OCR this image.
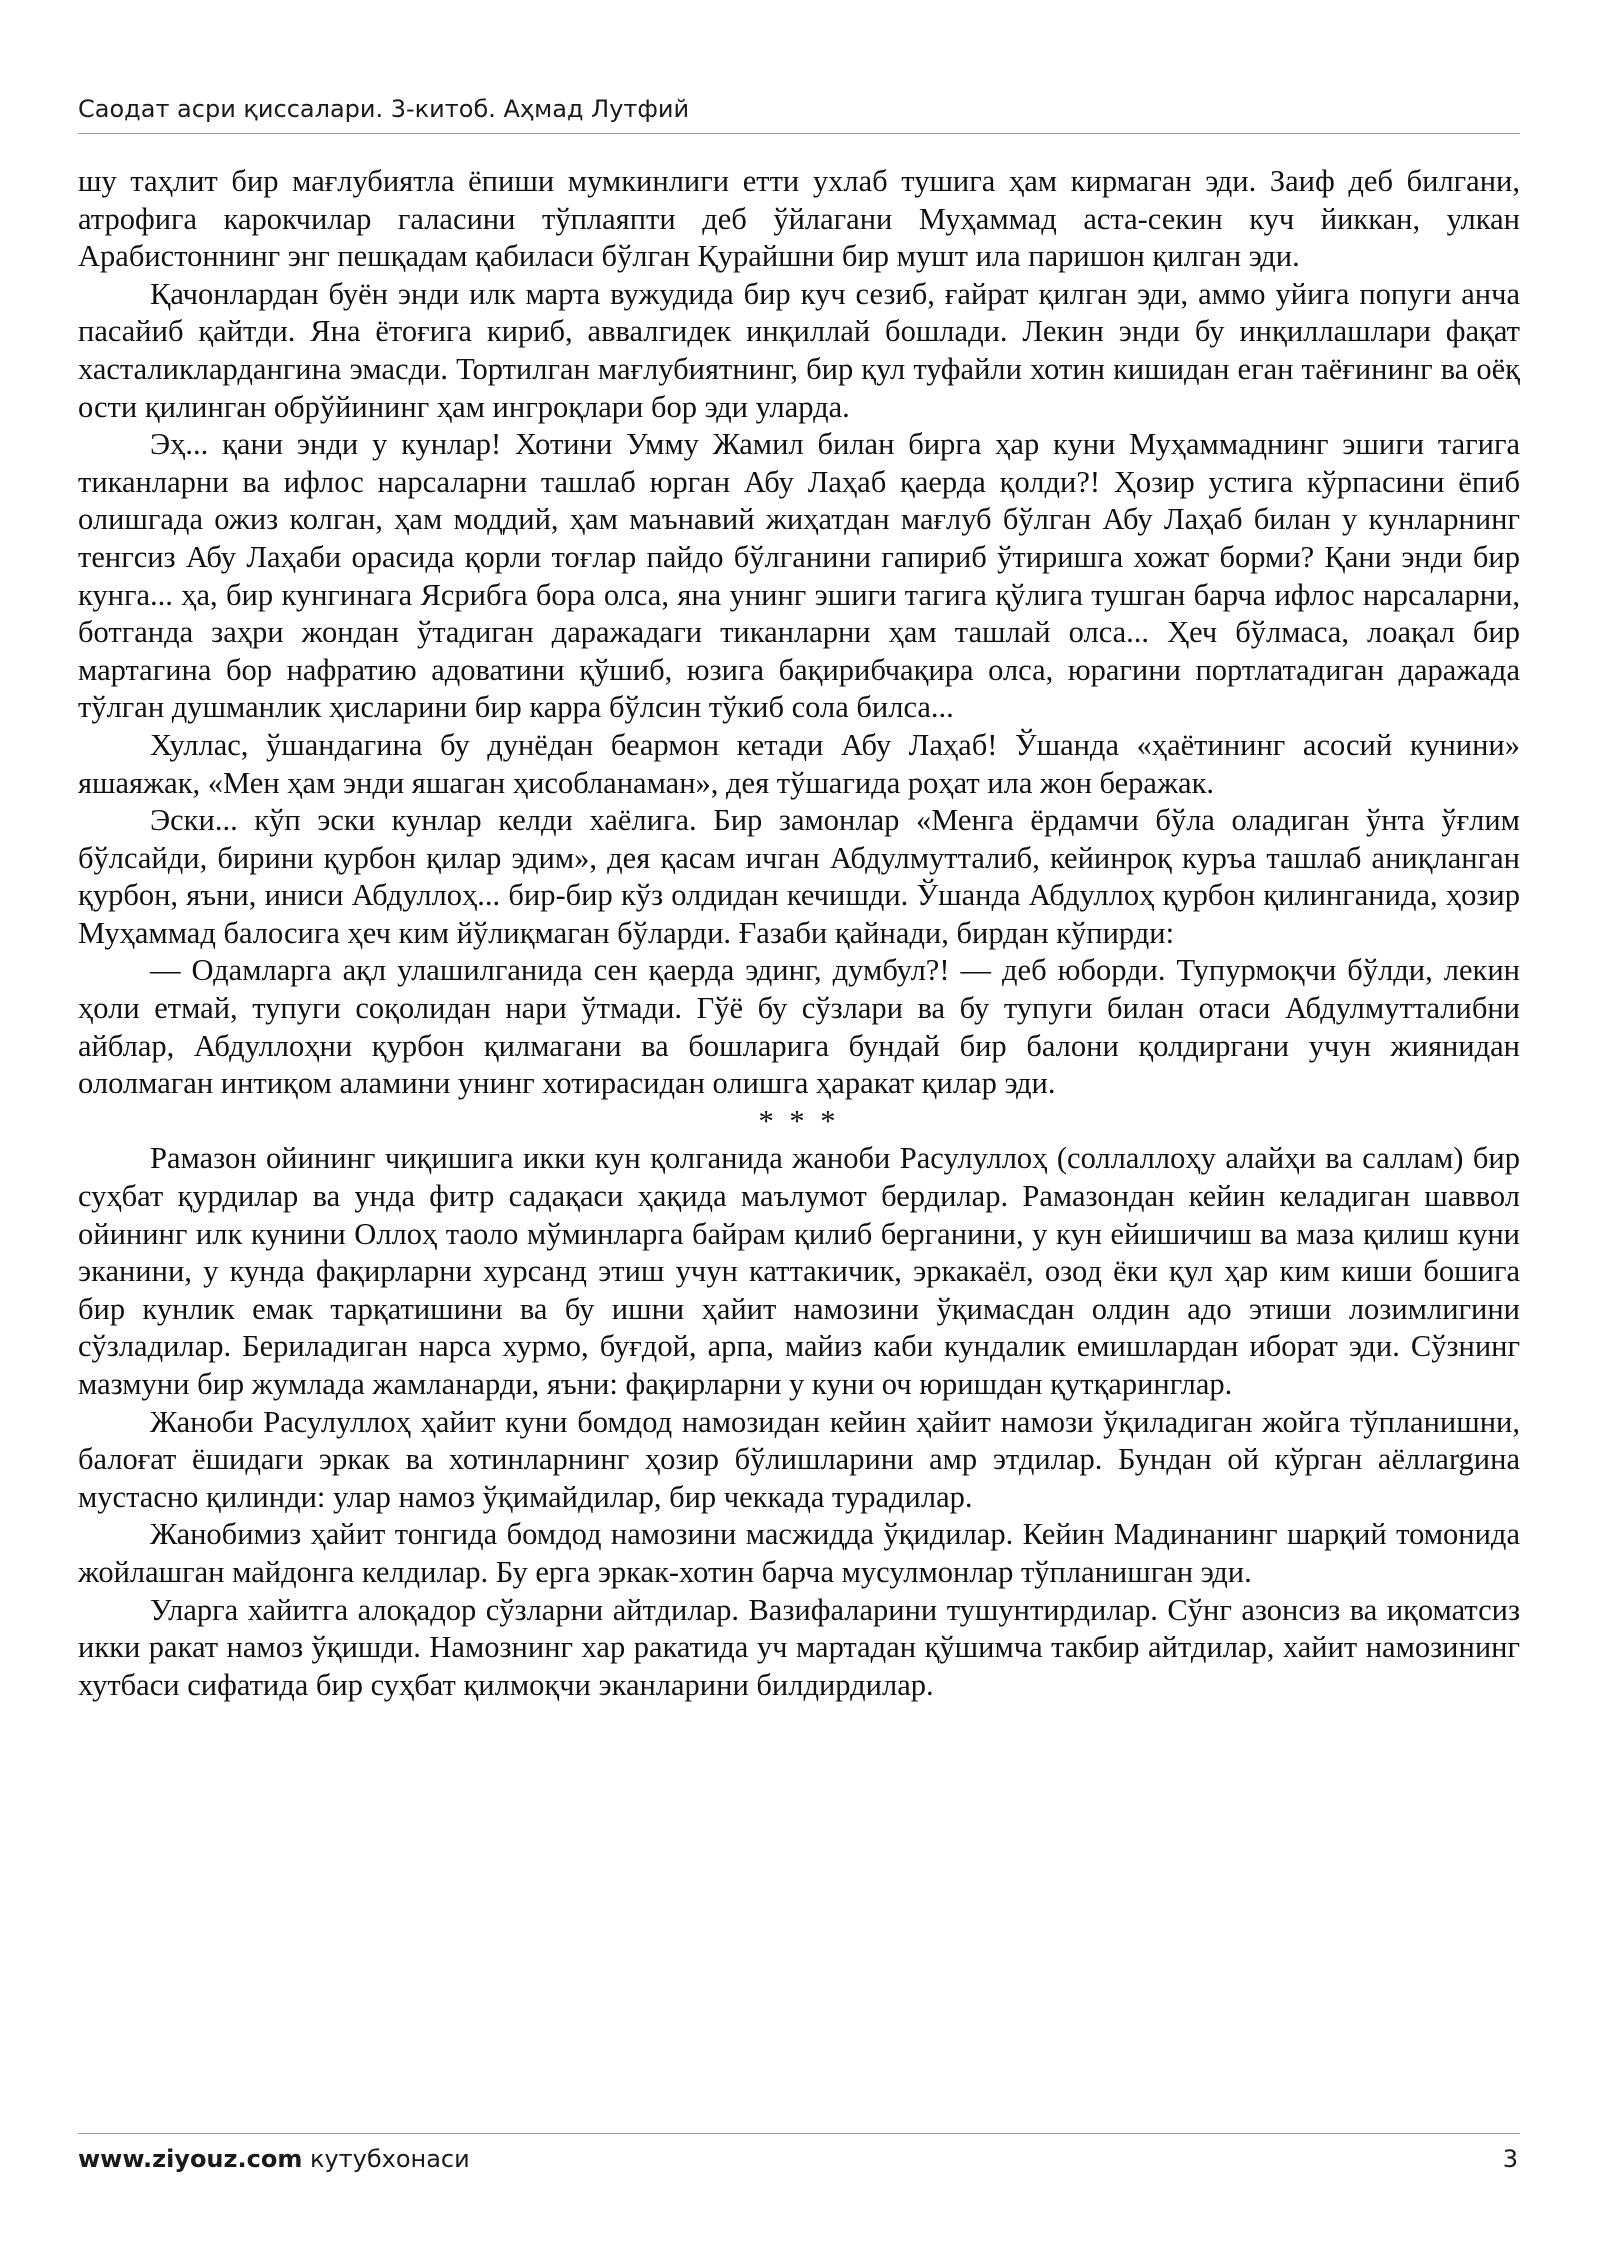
Саодат асри қиссалари. 3-китоб. Аҳмад Лутфий

шу таҳлит бир мағлубиятла ёпиши мумкинлиги етти ухлаб тушига ҳам кирмаган эди. Заиф деб билгани, атрофига карокчилар галасини тўплаяпти деб ўйлагани Муҳаммад аста-секин куч йиккан, улкан Арабистоннинг энг пешқадам қабиласи бўлган Қурайшни бир мушт ила паришон қилган эди.

Қачонлардан буён энди илк марта вужудида бир куч сезиб, ғайрат қилган эди, аммо уйига попуги анча пасайиб қайтди. Яна ётоғига кириб, аввалгидек инқиллай бошлади. Лекин энди бу инқиллашлари фақат хасталиклардангина эмасди. Тортилган мағлубиятнинг, бир қул туфайли хотин кишидан еган таёғининг ва оёқ ости қилинган обрўйининг ҳам ингроқлари бор эди уларда.

Эҳ... қани энди у кунлар! Хотини Умму Жамил билан бирга ҳар куни Муҳаммаднинг эшиги тагига тиканларни ва ифлос нарсаларни ташлаб юрган Абу Лаҳаб қаерда қолди?! Ҳозир устига кўрпасини ёпиб олишгада ожиз колган, ҳам моддий, ҳам маънавий жиҳатдан мағлуб бўлган Абу Лаҳаб билан у кунларнинг тенгсиз Абу Лаҳаби орасида қорли тоғлар пайдо бўлганини гапириб ўтиришга хожат борми? Қани энди бир кунга... ҳа, бир кунгинага Ясрибга бора олса, яна унинг эшиги тагига қўлига тушган барча ифлос нарсаларни, ботганда заҳри жондан ўтадиган даражадаги тиканларни ҳам ташлай олса... Ҳеч бўлмаса, лоақал бир мартагина бор нафратию адоватини қўшиб, юзига бақирибчақира олса, юрагини портлатадиган даражада тўлган душманлик ҳисларини бир карра бўлсин тўкиб сола билса...

Хуллас, ўшандагина бу дунёдан беармон кетади Абу Лаҳаб! Ўшанда «ҳаётининг асосий кунини» яшаяжак, «Мен ҳам энди яшаган ҳисобланаман», дея тўшагида роҳат ила жон беражак.

Эски... кўп эски кунлар келди хаёлига. Бир замонлар «Менга ёрдамчи бўла оладиган ўнта ўғлим бўлсайди, бирини қурбон қилар эдим», дея қасам ичган Абдулмутталиб, кейинроқ куръа ташлаб аниқланган қурбон, яъни, иниси Абдуллоҳ... бир-бир кўз олдидан кечишди. Ўшанда Абдуллоҳ қурбон қилинганида, ҳозир Муҳаммад балосига ҳеч ким йўлиқмаган бўларди. Ғазаби қайнади, бирдан кўпирди:

— Одамларга ақл улашилганида сен қаерда эдинг, думбул?! — деб юборди. Тупурмоқчи бўлди, лекин ҳоли етмай, тупуги соқолидан нари ўтмади. Гўё бу сўзлари ва бу тупуги билан отаси Абдулмутталибни айблар, Абдуллоҳни қурбон қилмагани ва бошларига бундай бир балони қолдиргани учун жиянидан ололмаган интиқом аламини унинг хотирасидан олишга ҳаракат қилар эди.

* * *

Рамазон ойининг чиқишига икки кун қолганида жаноби Расулуллоҳ (соллаллоҳу алайҳи ва саллам) бир суҳбат қурдилар ва унда фитр садақаси ҳақида маълумот бердилар. Рамазондан кейин келадиган шаввол ойининг илк кунини Оллоҳ таоло мўминларга байрам қилиб берганини, у кун ейишичиш ва маза қилиш куни эканини, у кунда фақирларни хурсанд этиш учун каттакичик, эркакаёл, озод ёки қул ҳар ким киши бошига бир кунлик емак тарқатишини ва бу ишни ҳайит намозини ўқимасдан олдин адо этиши лозимлигини сўзладилар. Бериладиган нарса хурмо, буғдой, арпа, майиз каби кундалик емишлардан иборат эди. Сўзнинг мазмуни бир жумлада жамланарди, яъни: фақирларни у куни оч юришдан қутқаринглар.

Жаноби Расулуллоҳ ҳайит куни бомдод намозидан кейин ҳайит намози ўқиладиган жойга тўпланишни, балоғат ёшидаги эркак ва хотинларнинг ҳозир бўлишларини амр этдилар. Бундан ой кўрган аёллargина мустасно қилинди: улар намоз ўқимайдилар, бир чеккада турадилар.

Жанобимиз ҳайит тонгида бомдод намозини масжидда ўқидилар. Кейин Мадинанинг шарқий томонида жойлашган майдонга келдилар. Бу ерга эркак-хотин барча мусулмонлар тўпланишган эди.

Уларга хайитга алоқадор сўзларни айтдилар. Вазифаларини тушунтирдилар. Сўнг азонсиз ва иқоматсиз икки ракат намоз ўқишди. Намознинг хар ракатида уч мартадан қўшимча такбир айтдилар, хайит намозининг хутбаси сифатида бир суҳбат қилмоқчи эканларини билдирдилар.

www.ziyouz.com кутубхонаси	3
